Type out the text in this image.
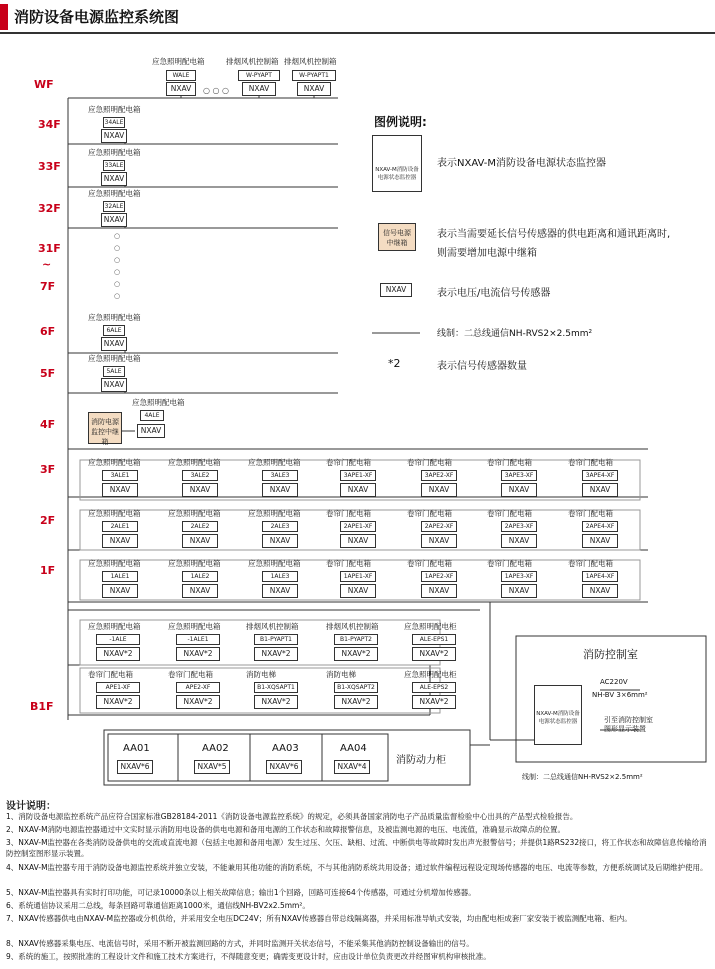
消防设备电源监控系统图
WF
34F
33F
32F
31F
~
7F
6F
5F
4F
3F
2F
1F
B1F
应急照明配电箱
WALE
NXAV	○ ○ ○
排烟风机控制箱
W-PYAPT
NXAV
排烟风机控制箱
W-PYAPT1
NXAV
应急照明配电箱
34ALE
NXAV
应急照明配电箱
33ALE
NXAV
应急照明配电箱
32ALE
NXAV
○
○
○
○
○
○
应急照明配电箱
6ALE
NXAV
应急照明配电箱
5ALE
NXAV
消防电源
监控中继箱
应急照明配电箱
4ALE
NXAV
应急照明配电箱
3ALE1
NXAV
应急照明配电箱
3ALE2
NXAV
应急照明配电箱
3ALE3
NXAV
卷帘门配电箱
3APE1-XF
NXAV
卷帘门配电箱
3APE2-XF
NXAV
卷帘门配电箱
3APE3-XF
NXAV
卷帘门配电箱
3APE4-XF
NXAV
应急照明配电箱
2ALE1
NXAV
应急照明配电箱
2ALE2
NXAV
应急照明配电箱
2ALE3
NXAV
卷帘门配电箱
2APE1-XF
NXAV
卷帘门配电箱
2APE2-XF
NXAV
卷帘门配电箱
2APE3-XF
NXAV
卷帘门配电箱
2APE4-XF
NXAV
应急照明配电箱
1ALE1
NXAV
应急照明配电箱
1ALE2
NXAV
应急照明配电箱
1ALE3
NXAV
卷帘门配电箱
1APE1-XF
NXAV
卷帘门配电箱
1APE2-XF
NXAV
卷帘门配电箱
1APE3-XF
NXAV
卷帘门配电箱
1APE4-XF
NXAV
应急照明配电箱
-1ALE
NXAV*2
应急照明配电箱
-1ALE1
NXAV*2
排烟风机控制箱
B1-PYAPT1
NXAV*2
排烟风机控制箱
B1-PYAPT2
NXAV*2
应急照明配电柜
ALE-EPS1
NXAV*2
卷帘门配电箱
APE1-XF
NXAV*2
卷帘门配电箱
APE2-XF
NXAV*2
消防电梯
B1-XQSAPT1
NXAV*2
消防电梯
B1-XQSAPT2
NXAV*2
应急照明配电柜
ALE-EPS2
NXAV*2
AA01
NXAV*6
AA02
NXAV*5
AA03
NXAV*6
AA04
NXAV*4
消防动力柜
消防控制室
NXAV-M消防设备
电源状态监控器
AC220V
NH-BV 3×6mm²
引至消防控制室
图形显示装置
线制：二总线通信NH-RVS2×2.5mm²
图例说明:
NXAV-M消防设备
电源状态监控器
表示NXAV-M消防设备电源状态监控器
信号电源
中继箱
表示当需要延长信号传感器的供电距离和通讯距离时,
则需要增加电源中继箱
NXAV	表示电压/电流信号传感器
线制：二总线通信NH-RVS2×2.5mm²
*2	表示信号传感器数量
设计说明：
1、消防设备电源监控系统产品应符合国家标准GB28184-2011《消防设备电源监控系统》的规定，必须具备国家消防电子产品质量监督检验中心出具的产品型式检验报告。
2、NXAV-M消防电源监控器通过中文实时显示消防用电设备的供电电源和备用电源的工作状态和故障报警信息，及被监测电源的电压、电流值，准确显示故障点的位置。
3、NXAV-M监控器在各类消防设备供电的交流或直流电源（包括主电源和备用电源）发生过压、欠压、缺相、过流、中断供电等故障时发出声光报警信号；并提供1路RS232接口，将工作状态和故障信息传输给消防控制室图形显示装置。
4、NXAV-M监控器专用于消防设备电源监控系统并独立安装，不能兼用其他功能的消防系统，不与其他消防系统共用设备；通过软件编程远程设定现场传感器的电压、电流等参数，方便系统调试及后期维护使用。
5、NXAV-M监控器具有实时打印功能，可记录10000条以上相关故障信息；输出1个回路，回路可连接64个传感器，可通过分机增加传感器。
6、系统通信协议采用二总线，每条回路可靠通信距离1000米，通信线NH-BV2x2.5mm²。
7、NXAV传感器供电由NXAV-M监控器或分机供给，并采用安全电压DC24V；所有NXAV传感器自带总线隔离器，并采用标准导轨式安装，均由配电柜成套厂家安装于被监测配电箱、柜内。
8、NXAV传感器采集电压、电流信号时，采用不断开被监测回路的方式，并同时监测开关状态信号，不能采集其他消防控制设备输出的信号。
9、系统的施工，按照批准的工程设计文件和施工技术方案进行，不得随意变更；确需变更设计时，应由设计单位负责更改并经图审机构审核批准。
